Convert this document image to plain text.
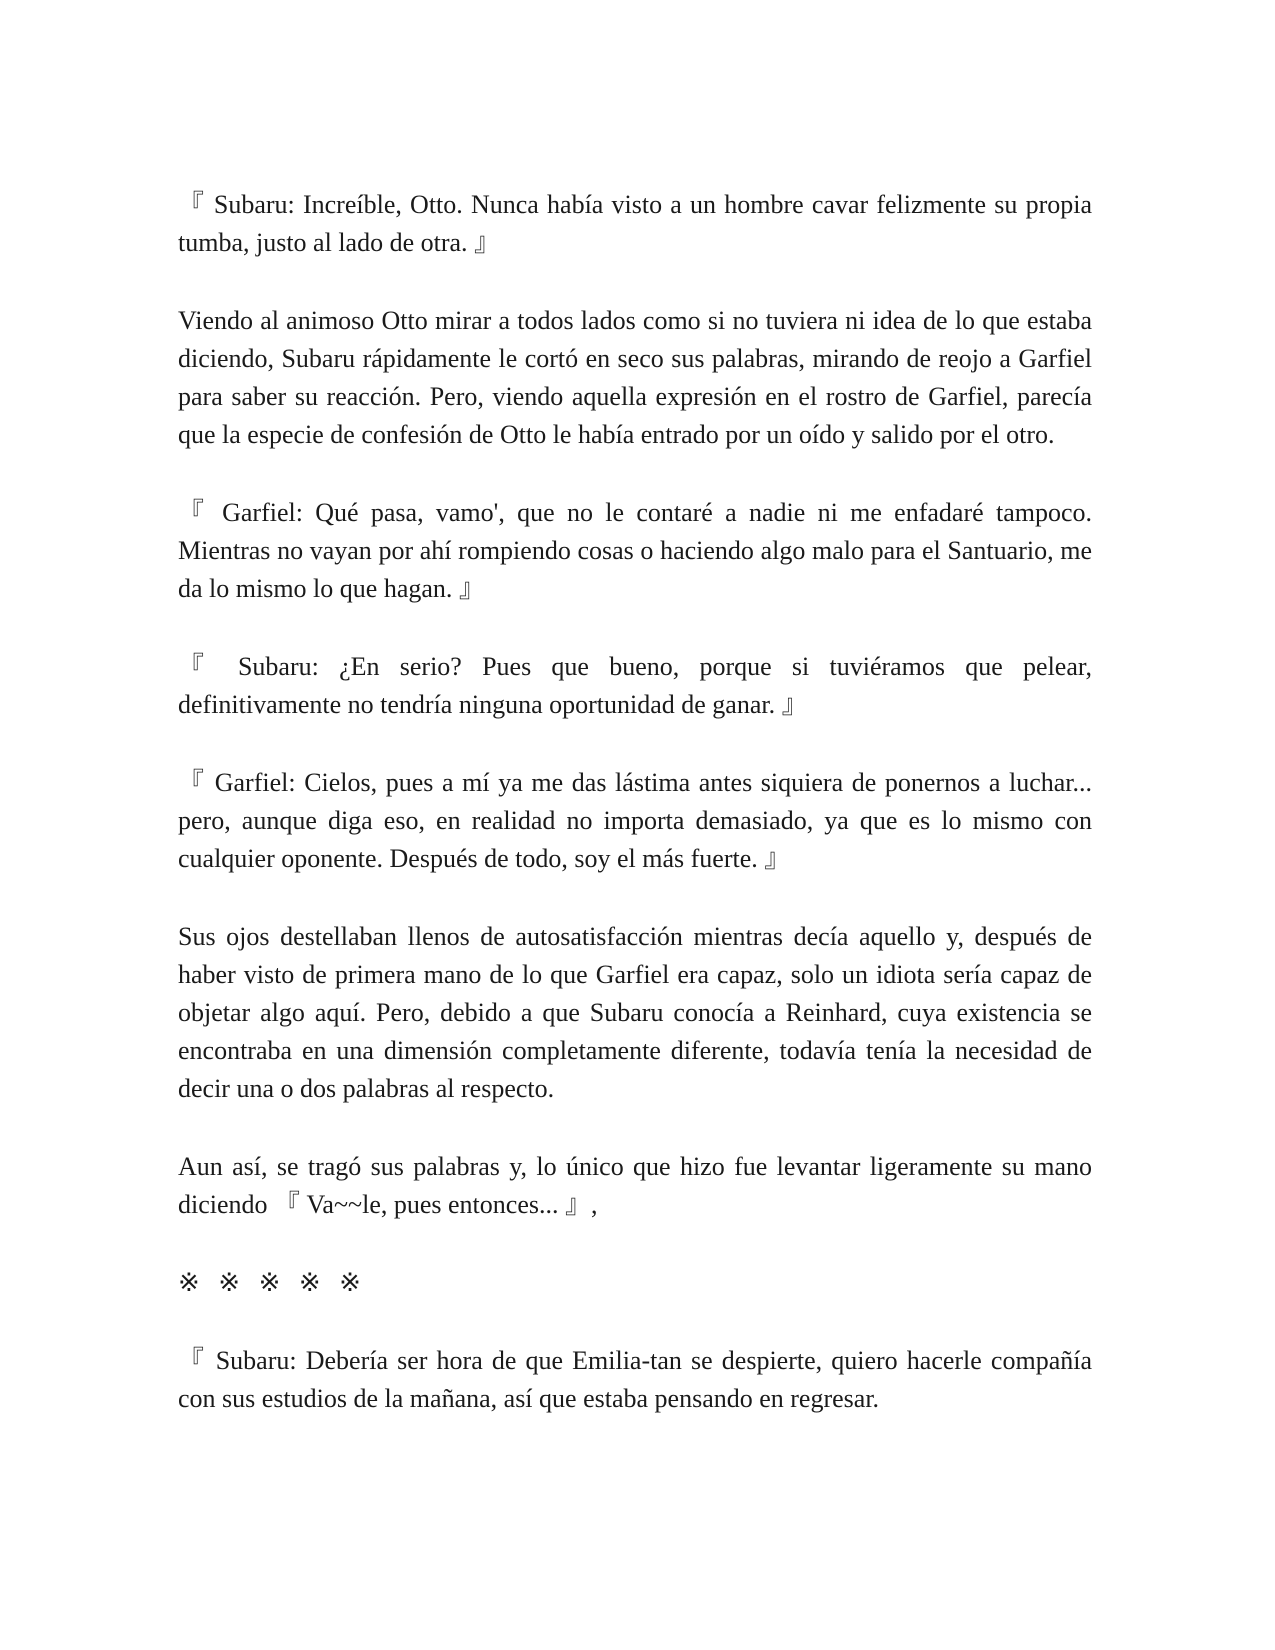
『 Subaru: Increíble, Otto. Nunca había visto a un hombre cavar felizmente su propia tumba, justo al lado de otra. 』

Viendo al animoso Otto mirar a todos lados como si no tuviera ni idea de lo que estaba diciendo, Subaru rápidamente le cortó en seco sus palabras, mirando de reojo a Garfiel para saber su reacción. Pero, viendo aquella expresión en el rostro de Garfiel, parecía que la especie de confesión de Otto le había entrado por un oído y salido por el otro.

『 Garfiel: Qué pasa, vamo', que no le contaré a nadie ni me enfadaré tampoco. Mientras no vayan por ahí rompiendo cosas o haciendo algo malo para el Santuario, me da lo mismo lo que hagan. 』

『 Subaru: ¿En serio? Pues que bueno, porque si tuviéramos que pelear, definitivamente no tendría ninguna oportunidad de ganar. 』

『 Garfiel: Cielos, pues a mí ya me das lástima antes siquiera de ponernos a luchar... pero, aunque diga eso, en realidad no importa demasiado, ya que es lo mismo con cualquier oponente. Después de todo, soy el más fuerte. 』

Sus ojos destellaban llenos de autosatisfacción mientras decía aquello y, después de haber visto de primera mano de lo que Garfiel era capaz, solo un idiota sería capaz de objetar algo aquí. Pero, debido a que Subaru conocía a Reinhard, cuya existencia se encontraba en una dimensión completamente diferente, todavía tenía la necesidad de decir una o dos palabras al respecto.

Aun así, se tragó sus palabras y, lo único que hizo fue levantar ligeramente su mano diciendo 『 Va~~le, pues entonces... 』,

※ ※ ※ ※ ※

『 Subaru: Debería ser hora de que Emilia-tan se despierte, quiero hacerle compañía con sus estudios de la mañana, así que estaba pensando en regresar.
